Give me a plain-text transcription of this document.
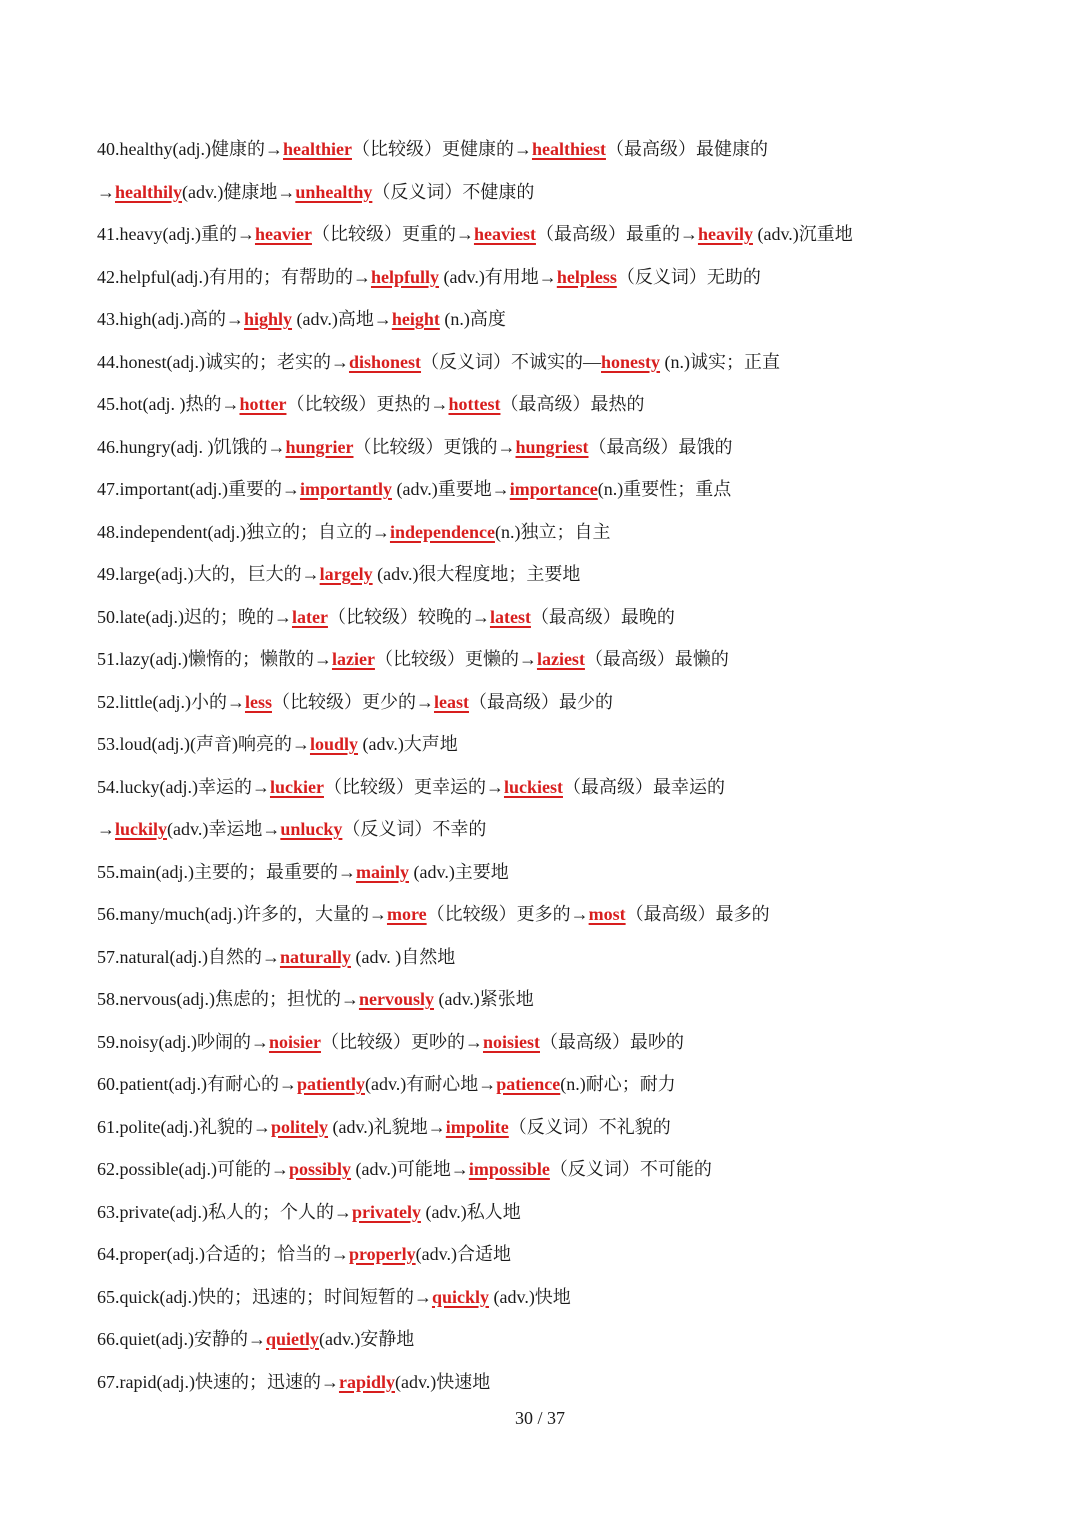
40.healthy(adj.)健康的→healthier（比较级）更健康的→healthiest（最高级）最健康的
→healthily(adv.)健康地→unhealthy（反义词）不健康的
41.heavy(adj.)重的→heavier（比较级）更重的→heaviest（最高级）最重的→heavily (adv.)沉重地
42.helpful(adj.)有用的；有帮助的→helpfully (adv.)有用地→helpless（反义词）无助的
43.high(adj.)高的→highly (adv.)高地→height (n.)高度
44.honest(adj.)诚实的；老实的→dishonest（反义词）不诚实的—honesty (n.)诚实；正直
45.hot(adj. )热的→hotter（比较级）更热的→hottest（最高级）最热的
46.hungry(adj. )饥饿的→hungrier（比较级）更饿的→hungriest（最高级）最饿的
47.important(adj.)重要的→importantly (adv.)重要地→importance(n.)重要性；重点
48.independent(adj.)独立的；自立的→independence(n.)独立；自主
49.large(adj.)大的，巨大的→largely (adv.)很大程度地；主要地
50.late(adj.)迟的；晚的→later（比较级）较晚的→latest（最高级）最晚的
51.lazy(adj.)懒惰的；懒散的→lazier（比较级）更懒的→laziest（最高级）最懒的
52.little(adj.)小的→less（比较级）更少的→least（最高级）最少的
53.loud(adj.)(声音)响亮的→loudly (adv.)大声地
54.lucky(adj.)幸运的→luckier（比较级）更幸运的→luckiest（最高级）最幸运的
→luckily(adv.)幸运地→unlucky（反义词）不幸的
55.main(adj.)主要的；最重要的→mainly (adv.)主要地
56.many/much(adj.)许多的，大量的→more（比较级）更多的→most（最高级）最多的
57.natural(adj.)自然的→naturally (adv. )自然地
58.nervous(adj.)焦虑的；担忧的→nervously (adv.)紧张地
59.noisy(adj.)吵闹的→noisier（比较级）更吵的→noisiest（最高级）最吵的
60.patient(adj.)有耐心的→patiently(adv.)有耐心地→patience(n.)耐心；耐力
61.polite(adj.)礼貌的→politely (adv.)礼貌地→impolite（反义词）不礼貌的
62.possible(adj.)可能的→possibly (adv.)可能地→impossible（反义词）不可能的
63.private(adj.)私人的；个人的→privately (adv.)私人地
64.proper(adj.)合适的；恰当的→properly(adv.)合适地
65.quick(adj.)快的；迅速的；时间短暂的→quickly (adv.)快地
66.quiet(adj.)安静的→quietly(adv.)安静地
67.rapid(adj.)快速的；迅速的→rapidly(adv.)快速地
30 / 37
